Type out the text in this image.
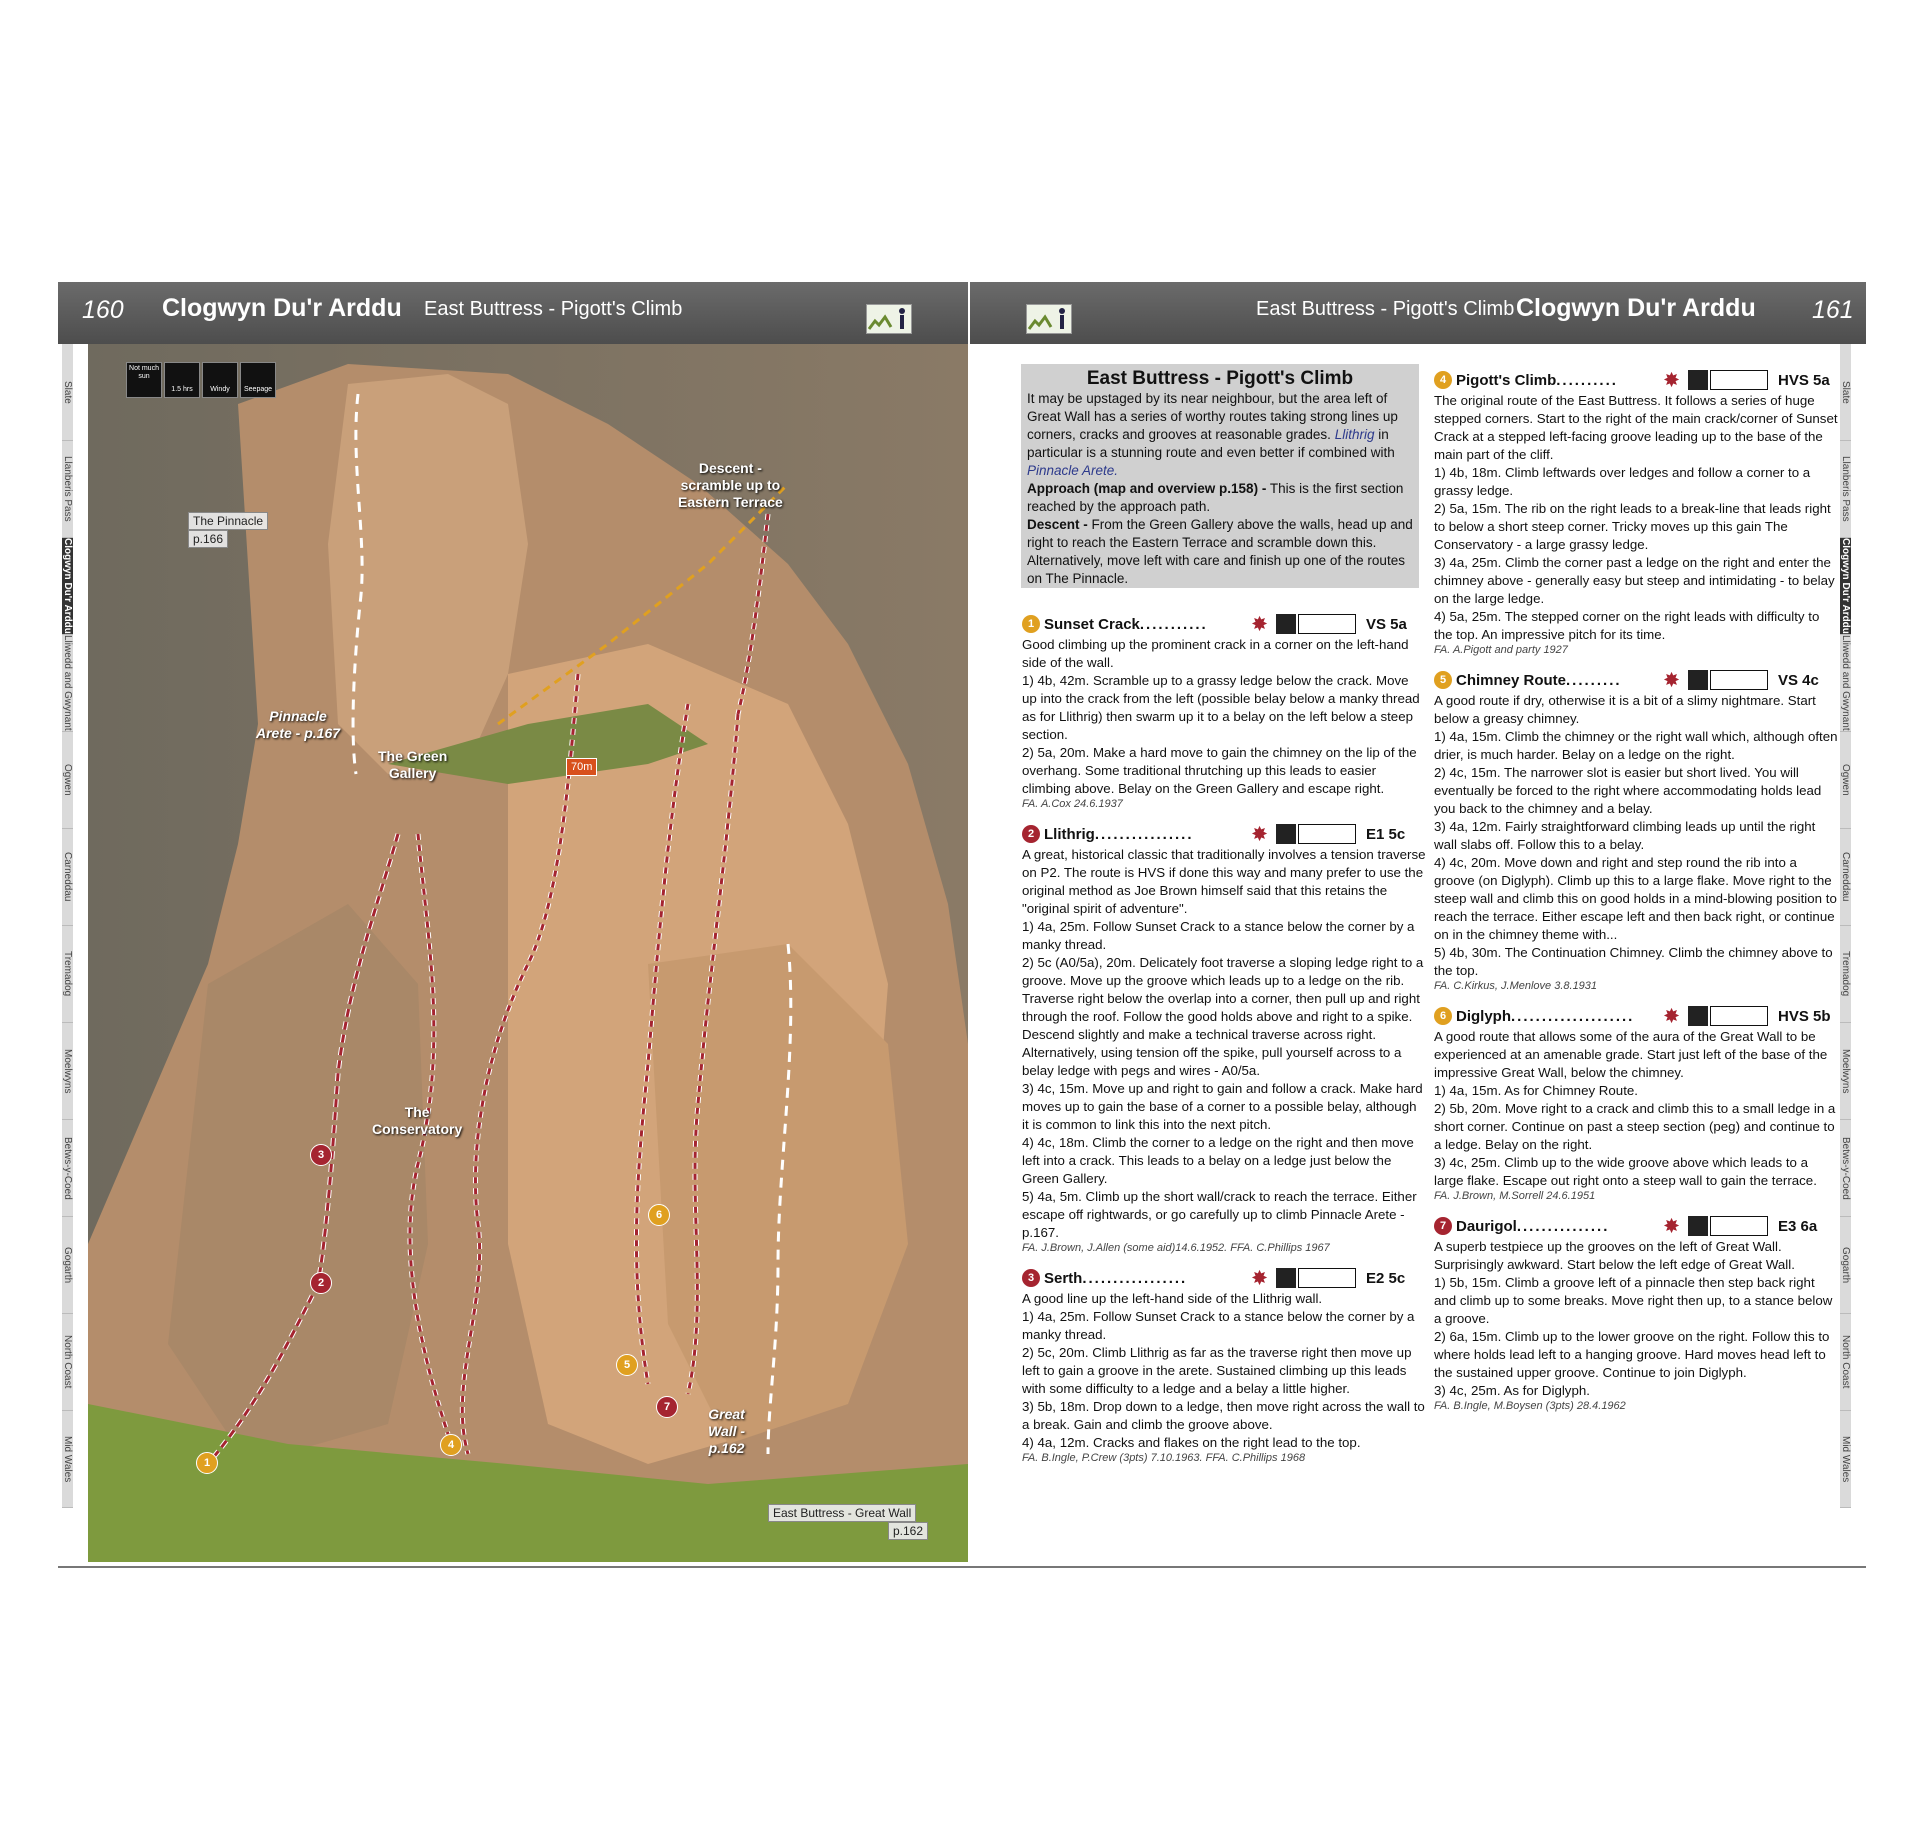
160 Clogwyn Du'r Arddu East Buttress - Pigott's Climb	East Buttress - Pigott's Climb Clogwyn Du'r Arddu 161
Slate
Llanberis Pass
Clogwyn Du'r Arddu
Lliwedd and Gwynant
Ogwen
Carneddau
Tremadog
Moelwyns
Betws-y-Coed
Gogarth
North Coast
Mid Wales
Not much sun
1.5 hrs	Windy	Seepage
The Pinnacle
p.166
Pinnacle
Arete - p.167
Descent -
scramble up to
Eastern Terrace
The Green
Gallery
The
Conservatory
Great
Wall -
p.162
East Buttress - Great Wall
p.162
70m
1
2
3
4
5
6
7
Slate
Llanberis Pass
Clogwyn Du'r Arddu
Lliwedd and Gwynant
Ogwen
Carneddau
Tremadog
Moelwyns
Betws-y-Coed
Gogarth
North Coast
Mid Wales
East Buttress - Pigott's Climb
It may be upstaged by its near neighbour, but the area left of Great Wall has a series of worthy routes taking strong lines up corners, cracks and grooves at reasonable grades. Llithrig in particular is a stunning route and even better if combined with Pinnacle Arete.
Approach (map and overview p.158) - This is the first section reached by the approach path.
Descent - From the Green Gallery above the walls, head up and right to reach the Eastern Terrace and scramble down this. Alternatively, move left with care and finish up one of the routes on The Pinnacle.
1 Sunset Crack ...........	✸	VS 5a
Good climbing up the prominent crack in a corner on the left-hand side of the wall.
1) 4b, 42m. Scramble up to a grassy ledge below the crack. Move up into the crack from the left (possible belay below a manky thread as for Llithrig) then swarm up it to a belay on the left below a steep section.
2) 5a, 20m. Make a hard move to gain the chimney on the lip of the overhang. Some traditional thrutching up this leads to easier climbing above. Belay on the Green Gallery and escape right.
FA. A.Cox 24.6.1937
2 Llithrig ................	✸	E1 5c
A great, historical classic that traditionally involves a tension traverse on P2. The route is HVS if done this way and many prefer to use the original method as Joe Brown himself said that this retains the "original spirit of adventure".
1) 4a, 25m. Follow Sunset Crack to a stance below the corner by a manky thread.
2) 5c (A0/5a), 20m. Delicately foot traverse a sloping ledge right to a groove. Move up the groove which leads up to a ledge on the rib. Traverse right below the overlap into a corner, then pull up and right through the roof. Follow the good holds above and right to a spike. Descend slightly and make a technical traverse across right. Alternatively, using tension off the spike, pull yourself across to a belay ledge with pegs and wires - A0/5a.
3) 4c, 15m. Move up and right to gain and follow a crack. Make hard moves up to gain the base of a corner to a possible belay, although it is common to link this into the next pitch.
4) 4c, 18m. Climb the corner to a ledge on the right and then move left into a crack. This leads to a belay on a ledge just below the Green Gallery.
5) 4a, 5m. Climb up the short wall/crack to reach the terrace. Either escape off rightwards, or go carefully up to climb Pinnacle Arete - p.167.
FA. J.Brown, J.Allen (some aid)14.6.1952. FFA. C.Phillips 1967
3 Serth .................	✸	E2 5c
A good line up the left-hand side of the Llithrig wall.
1) 4a, 25m. Follow Sunset Crack to a stance below the corner by a manky thread.
2) 5c, 20m. Climb Llithrig as far as the traverse right then move up left to gain a groove in the arete. Sustained climbing up this leads with some difficulty to a ledge and a belay a little higher.
3) 5b, 18m. Drop down to a ledge, then move right across the wall to a break. Gain and climb the groove above.
4) 4a, 12m. Cracks and flakes on the right lead to the top.
FA. B.Ingle, P.Crew (3pts) 7.10.1963. FFA. C.Phillips 1968
4 Pigott's Climb ..........	✸	HVS 5a
The original route of the East Buttress. It follows a series of huge stepped corners. Start to the right of the main crack/corner of Sunset Crack at a stepped left-facing groove leading up to the base of the main part of the cliff.
1) 4b, 18m. Climb leftwards over ledges and follow a corner to a grassy ledge.
2) 5a, 15m. The rib on the right leads to a break-line that leads right to below a short steep corner. Tricky moves up this gain The Conservatory - a large grassy ledge.
3) 4a, 25m. Climb the corner past a ledge on the right and enter the chimney above - generally easy but steep and intimidating - to belay on the large ledge.
4) 5a, 25m. The stepped corner on the right leads with difficulty to the top. An impressive pitch for its time.
FA. A.Pigott and party 1927
5 Chimney Route .........	✸	VS 4c
A good route if dry, otherwise it is a bit of a slimy nightmare. Start below a greasy chimney.
1) 4a, 15m. Climb the chimney or the right wall which, although often drier, is much harder. Belay on a ledge on the right.
2) 4c, 15m. The narrower slot is easier but short lived. You will eventually be forced to the right where accommodating holds lead you back to the chimney and a belay.
3) 4a, 12m. Fairly straightforward climbing leads up until the right wall slabs off. Follow this to a belay.
4) 4c, 20m. Move down and right and step round the rib into a groove (on Diglyph). Climb up this to a large flake. Move right to the steep wall and climb this on good holds in a mind-blowing position to reach the terrace. Either escape left and then back right, or continue on in the chimney theme with...
5) 4b, 30m. The Continuation Chimney. Climb the chimney above to the top.
FA. C.Kirkus, J.Menlove 3.8.1931
6 Diglyph ....................	✸	HVS 5b
A good route that allows some of the aura of the Great Wall to be experienced at an amenable grade. Start just left of the base of the impressive Great Wall, below the chimney.
1) 4a, 15m. As for Chimney Route.
2) 5b, 20m. Move right to a crack and climb this to a small ledge in a short corner. Continue on past a steep section (peg) and continue to a ledge. Belay on the right.
3) 4c, 25m. Climb up to the wide groove above which leads to a large flake. Escape out right onto a steep wall to gain the terrace.
FA. J.Brown, M.Sorrell 24.6.1951
7 Daurigol ...............	✸	E3 6a
A superb testpiece up the grooves on the left of Great Wall. Surprisingly awkward. Start below the left edge of Great Wall.
1) 5b, 15m. Climb a groove left of a pinnacle then step back right and climb up to some breaks. Move right then up, to a stance below a groove.
2) 6a, 15m. Climb up to the lower groove on the right. Follow this to where holds lead left to a hanging groove. Hard moves head left to the sustained upper groove. Continue to join Diglyph.
3) 4c, 25m. As for Diglyph.
FA. B.Ingle, M.Boysen (3pts) 28.4.1962
